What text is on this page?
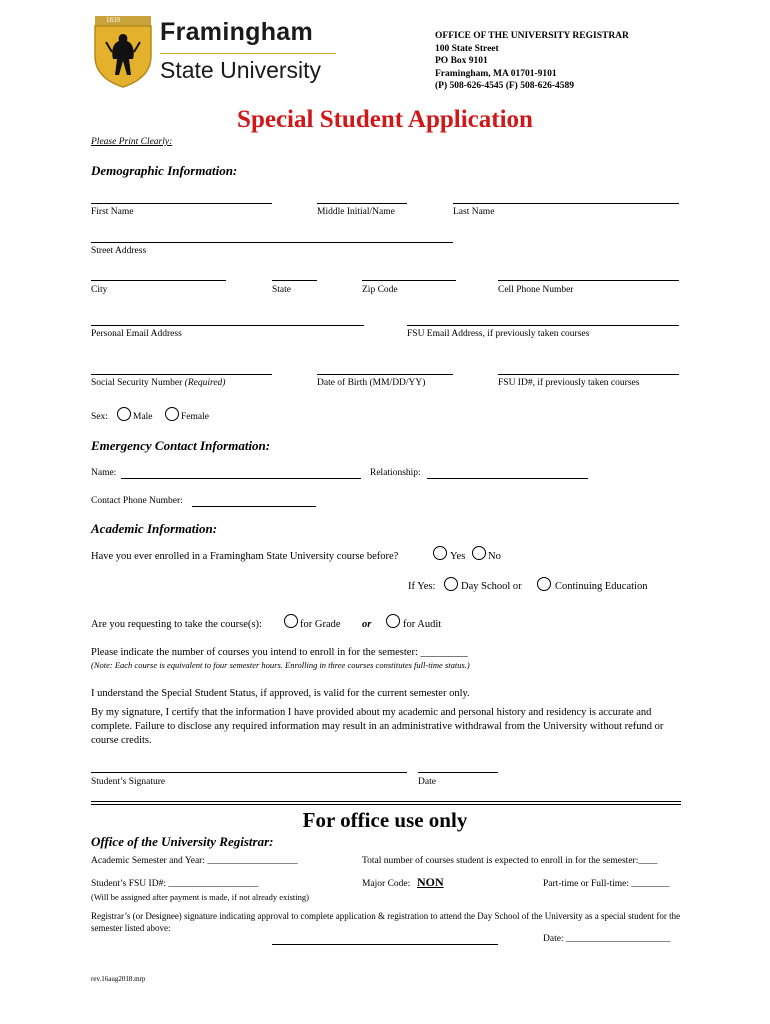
1839 Framingham
State University
OFFICE OF THE UNIVERSITY REGISTRAR
100 State Street
PO Box 9101
Framingham, MA 01701-9101
(P) 508-626-4545 (F) 508-626-4589
Special Student Application
Please Print Clearly:
Demographic Information:
First Name	Middle Initial/Name	Last Name
Street Address
City	State	Zip Code	Cell Phone Number
Personal Email Address	FSU Email Address, if previously taken courses
Social Security Number (Required)	Date of Birth (MM/DD/YY)	FSU ID#, if previously taken courses
Sex:	Male	Female
Emergency Contact Information:
Name:	Relationship:
Contact Phone Number:
Academic Information:
Have you ever enrolled in a Framingham State University course before?	Yes No
If Yes: Day School or	Continuing Education
Are you requesting to take the course(s):	for Grade or	for Audit
Please indicate the number of courses you intend to enroll in for the semester: _________
(Note: Each course is equivalent to four semester hours. Enrolling in three courses constitutes full-time status.)
I understand the Special Student Status, if approved, is valid for the current semester only.
By my signature, I certify that the information I have provided about my academic and personal history and residency is accurate and complete. Failure to disclose any required information may result in an administrative withdrawal from the University without refund or course credits.
Student’s Signature	Date
For office use only
Office of the University Registrar:
Academic Semester and Year: ___________________	Total number of courses student is expected to enroll in for the semester:____
Student’s FSU ID#: ___________________	Major Code: NON	Part-time or Full-time: ________
(Will be assigned after payment is made, if not already existing)
Registrar’s (or Designee) signature indicating approval to complete application & registration to attend the Day School of the University as a special student for the semester listed above:
Date: ______________________
rev.16aug2018.mrp
